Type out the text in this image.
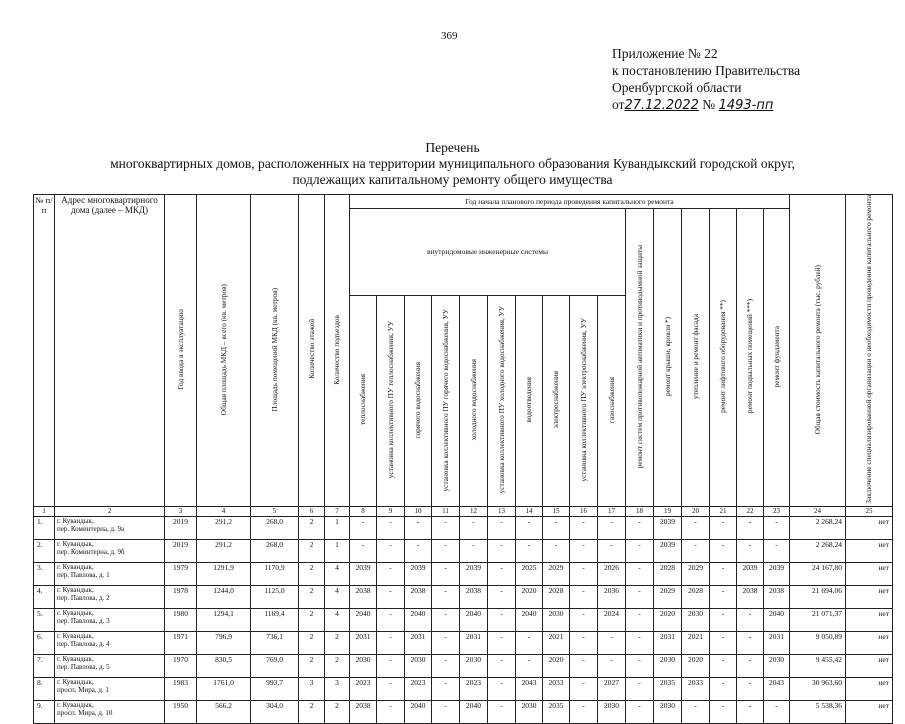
369
Приложение № 22
к постановлению Правительства
Оренбургской области
от27.12.2022 № 1493-пп
Перечень
многоквартирных домов, расположенных на территории муниципального образования Кувандыкский городской округ,
подлежащих капитальному ремонту общего имущества
№ п/п	Адрес многоквартирного дома (далее – МКД)	Год ввода в эксплуатацию	Общая площадь МКД – всего (кв. метров)	Площадь помещений МКД (кв. метров)	Количество этажей	Количество подъездов	Год начала планового периода проведения капитального ремонта																Общая стоимость капитального ремонта (тыс. рублей)	Заключение специализированной организации о необходимости проведения капитального ремонта
							внутридомовые инженерные системы										ремонт систем противопожарной автоматики и противодымной защиты	ремонт крыши, кровли *)	утепление и ремонт фасада	ремонт лифтового оборудования **)	ремонт подвальных помещений ***)	ремонт фундамента		
							теплоснабжения	установка коллективного ПУ теплоснабжения, УУ	горячего водоснабжения	установка коллективного ПУ горячего водоснабжения, УУ	холодного водоснабжения	установка коллективного ПУ холодного водоснабжения, УУ	водоотведения	электроснабжения	установка коллективного ПУ электроснабжения, УУ	газоснабжения								
1	2	3	4	5	6	7	8	9	10	11	12	13	14	15	16	17	18	19	20	21	22	23	24	25
1.	г. Кувандык,
пер. Коминтерна, д. 9а	2019	291,2	268,0	2	1	-	-	-	-	-	-	-	-	-	-	-	2039	-	-	-	-	2 268,24	нет
2.	г. Кувандык,
пер. Коминтерна, д. 9б	2019	291,2	268,0	2	1	-	-	-	-	-	-	-	-	-	-	-	2039	-	-	-	-	2 268,24	нет
3.	г. Кувандык,
пер. Павлова, д. 1	1979	1291,9	1170,9	2	4	2039	-	2039	-	2039	-	2025	2029	-	2026	-	2028	2029	-	2039	2039	24 167,80	нет
4.	г. Кувандык,
пер. Павлова, д. 2	1978	1244,0	1125,0	2	4	2038	-	2038	-	2038	-	2020	2028	-	2036	-	2029	2028	-	2038	2038	21 694,06	нет
5.	г. Кувандык,
пер. Павлова, д. 3	1980	1294,1	1169,4	2	4	2040	-	2040	-	2040	-	2040	2030	-	2024	-	2020	2030	-	-	2040	21 071,37	нет
6.	г. Кувандык,
пер. Павлова, д. 4	1971	796,9	736,1	2	2	2031	-	2031	-	2031	-	-	2021	-	-	-	2031	2021	-	-	2031	9 050,89	нет
7.	г. Кувандык,
пер. Павлова, д. 5	1970	830,5	769,0	2	2	2030	-	2030	-	2030	-	-	2020	-	-	-	2030	2020	-	-	2030	9 455,42	нет
8.	г. Кувандык,
просп. Мира, д. 1	1983	1761,0	993,7	3	3	2023	-	2023	-	2023	-	2043	2033	-	2027	-	2035	2033	-	-	2043	30 963,60	нет
9.	г. Кувандык,
просп. Мира, д. 10	1950	566,2	304,0	2	2	2038	-	2040	-	2040	-	2030	2035	-	2030	-	2030	-	-	-	-	5 538,36	нет
